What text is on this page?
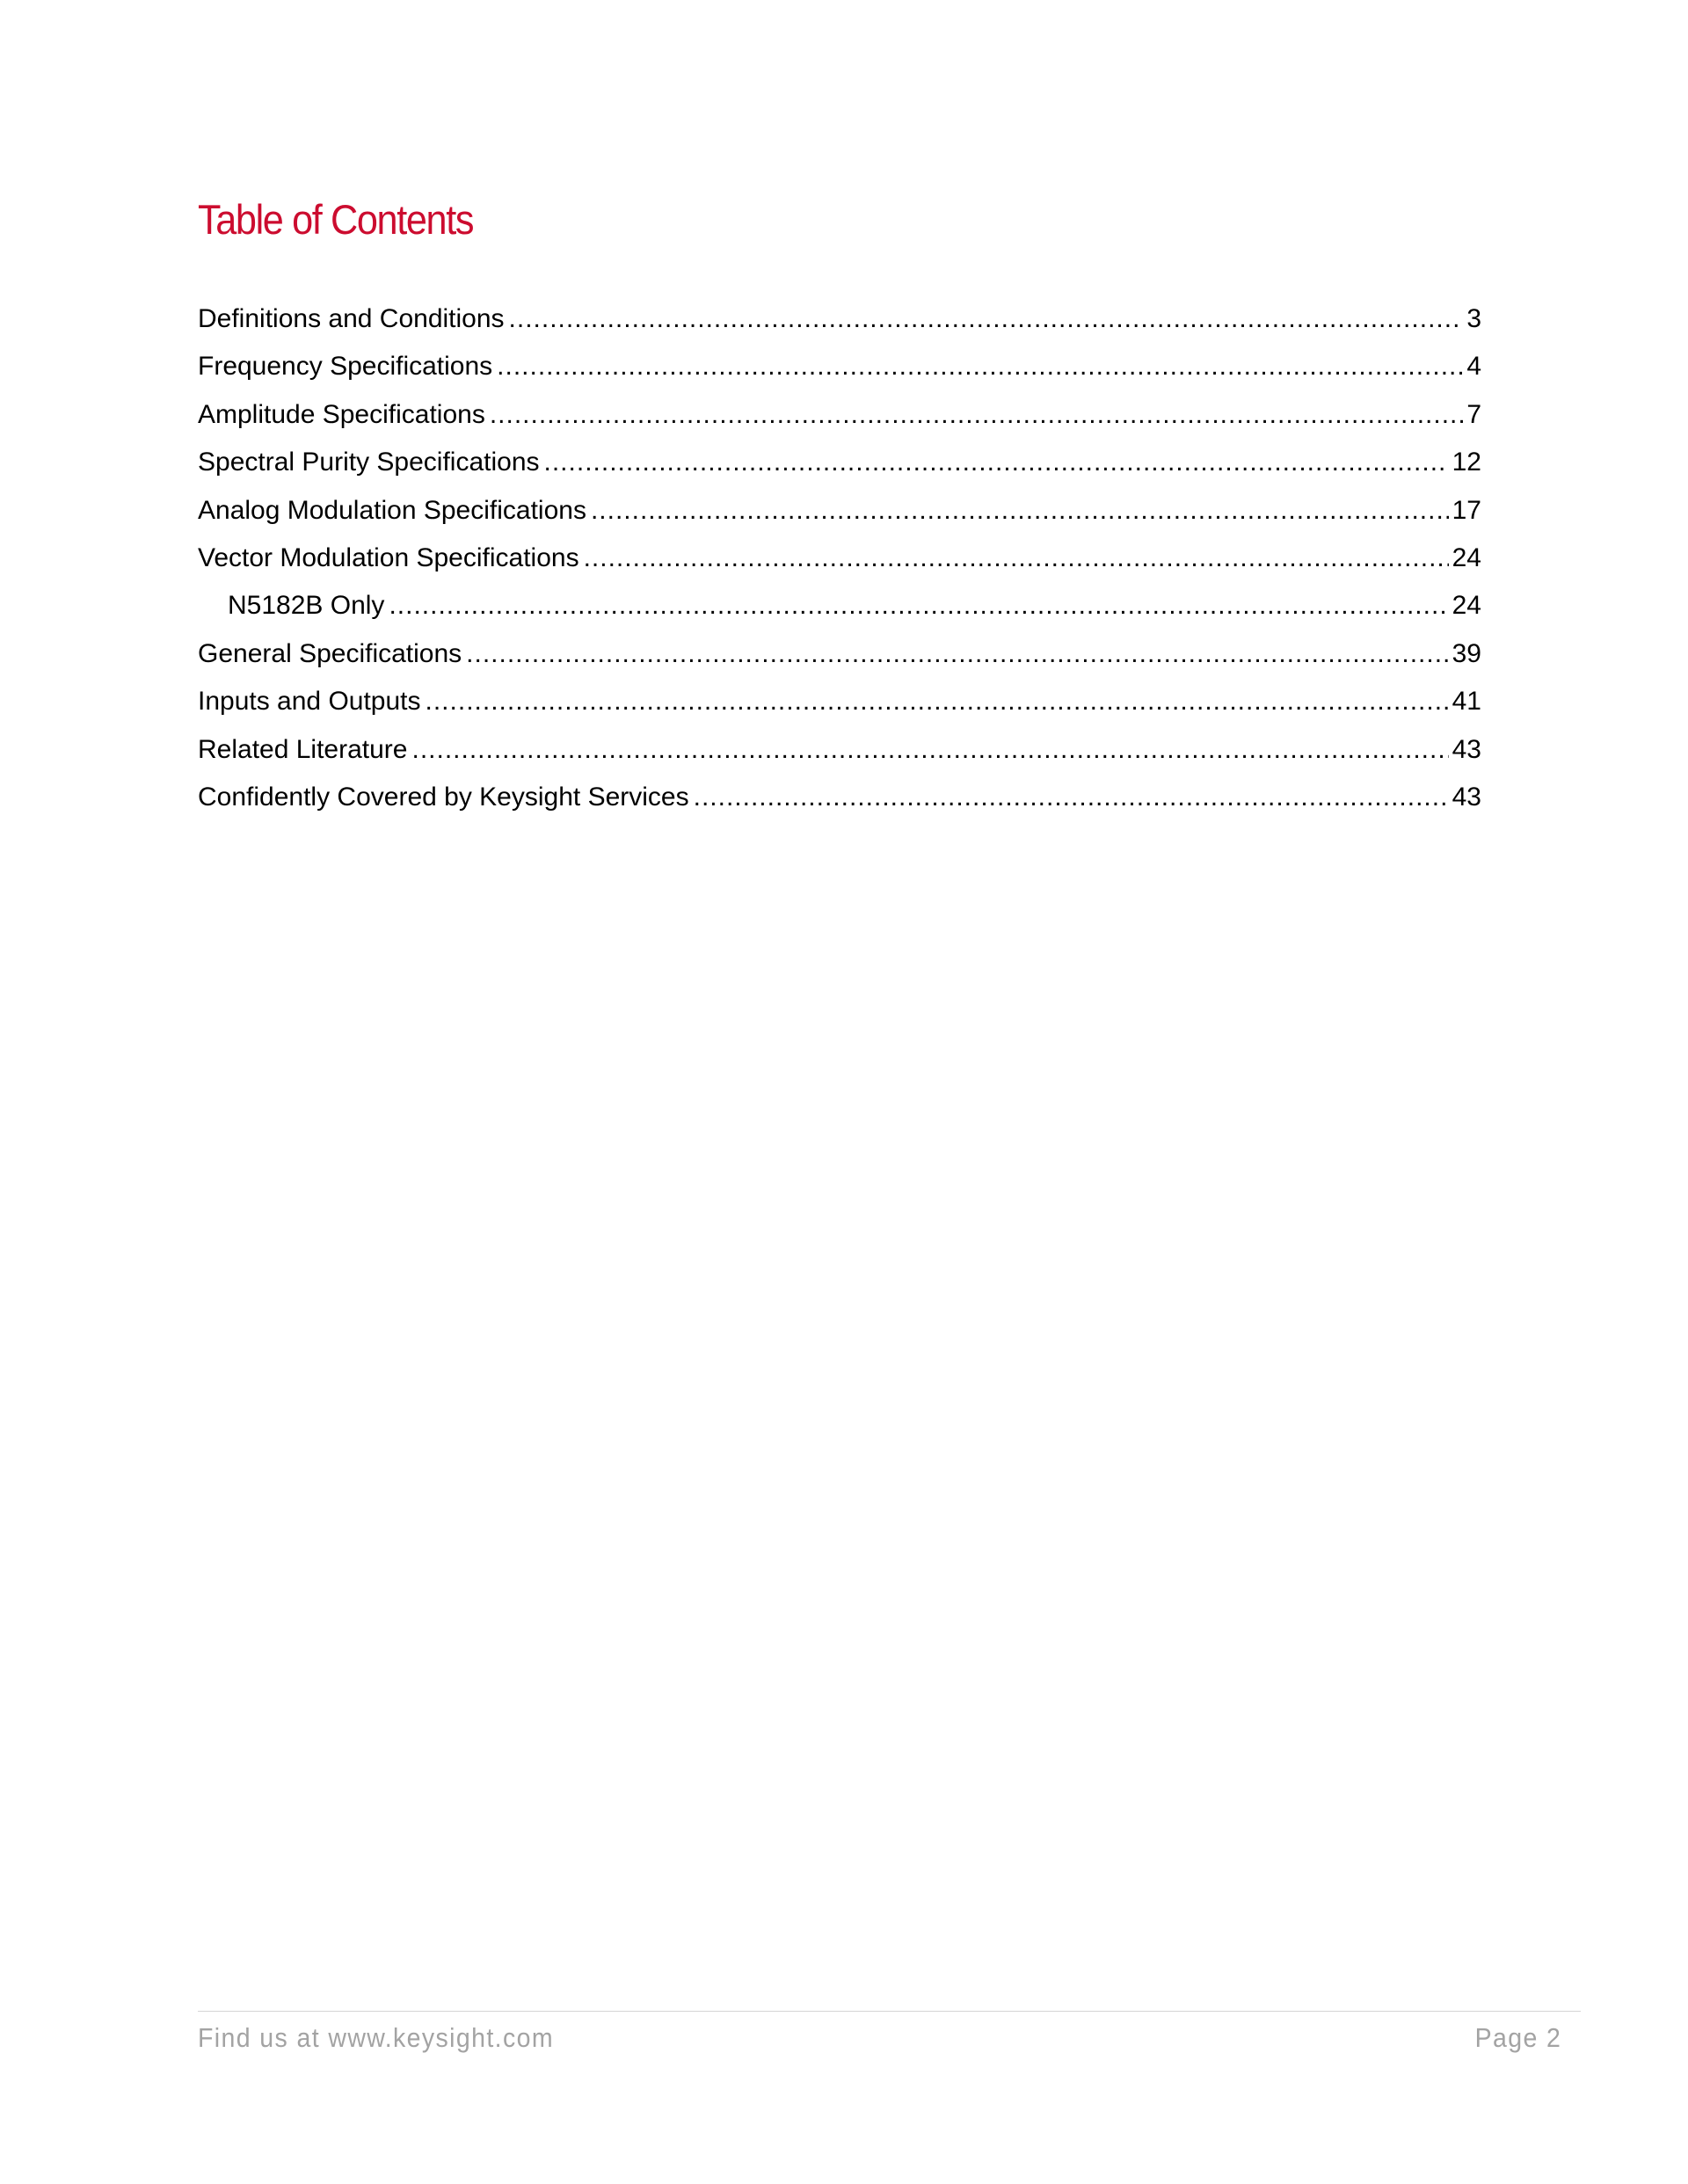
Table of Contents
Definitions and Conditions .....	3
Frequency Specifications .....	4
Amplitude Specifications .....	7
Spectral Purity Specifications .....	12
Analog Modulation Specifications .....	17
Vector Modulation Specifications .....	24
N5182B Only .....	24
General Specifications .....	39
Inputs and Outputs .....	41
Related Literature .....	43
Confidently Covered by Keysight Services .....	43
Find us at www.keysight.com	Page 2
